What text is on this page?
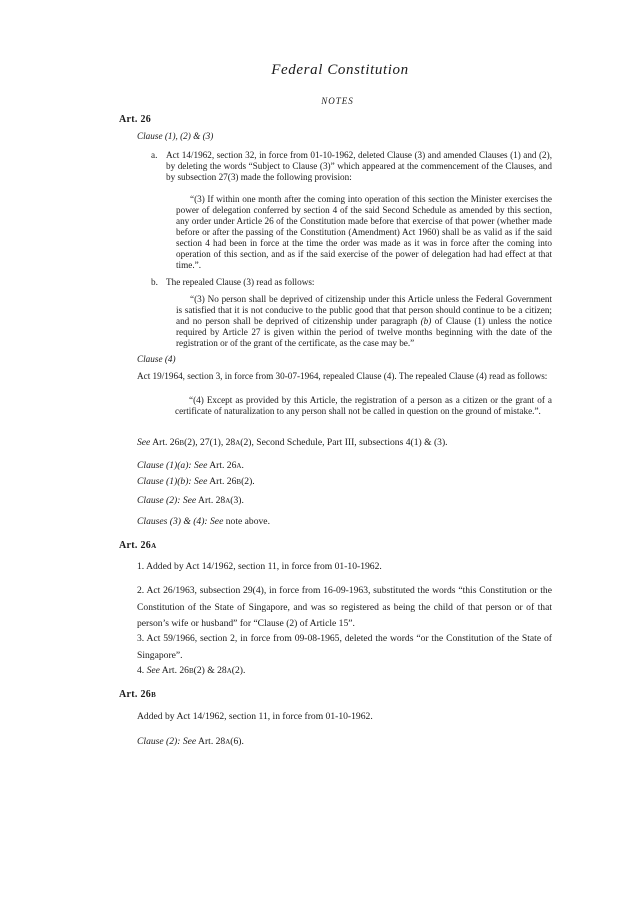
Federal Constitution
NOTES
Art. 26
Clause (1), (2) & (3)
a. Act 14/1962, section 32, in force from 01-10-1962, deleted Clause (3) and amended Clauses (1) and (2), by deleting the words “Subject to Clause (3)” which appeared at the commencement of the Clauses, and by subsection 27(3) made the following provision:
“(3) If within one month after the coming into operation of this section the Minister exercises the power of delegation conferred by section 4 of the said Second Schedule as amended by this section, any order under Article 26 of the Constitution made before that exercise of that power (whether made before or after the passing of the Constitution (Amendment) Act 1960) shall be as valid as if the said section 4 had been in force at the time the order was made as it was in force after the coming into operation of this section, and as if the said exercise of the power of delegation had had effect at that time.”.
b. The repealed Clause (3) read as follows:
“(3) No person shall be deprived of citizenship under this Article unless the Federal Government is satisfied that it is not conducive to the public good that that person should continue to be a citizen; and no person shall be deprived of citizenship under paragraph (b) of Clause (1) unless the notice required by Article 27 is given within the period of twelve months beginning with the date of the registration or of the grant of the certificate, as the case may be.”
Clause (4)
Act 19/1964, section 3, in force from 30-07-1964, repealed Clause (4). The repealed Clause (4) read as follows:
“(4) Except as provided by this Article, the registration of a person as a citizen or the grant of a certificate of naturalization to any person shall not be called in question on the ground of mistake.”.
See Art. 26B(2), 27(1), 28A(2), Second Schedule, Part III, subsections 4(1) & (3).
Clause (1)(a): See Art. 26A.
Clause (1)(b): See Art. 26B(2).
Clause (2): See Art. 28A(3).
Clauses (3) & (4): See note above.
Art. 26A
1. Added by Act 14/1962, section 11, in force from 01-10-1962.
2. Act 26/1963, subsection 29(4), in force from 16-09-1963, substituted the words “this Constitution or the Constitution of the State of Singapore, and was so registered as being the child of that person or of that person’s wife or husband” for “Clause (2) of Article 15”.
3. Act 59/1966, section 2, in force from 09-08-1965, deleted the words “or the Constitution of the State of Singapore”.
4. See Art. 26B(2) & 28A(2).
Art. 26B
Added by Act 14/1962, section 11, in force from 01-10-1962.
Clause (2): See Art. 28A(6).
